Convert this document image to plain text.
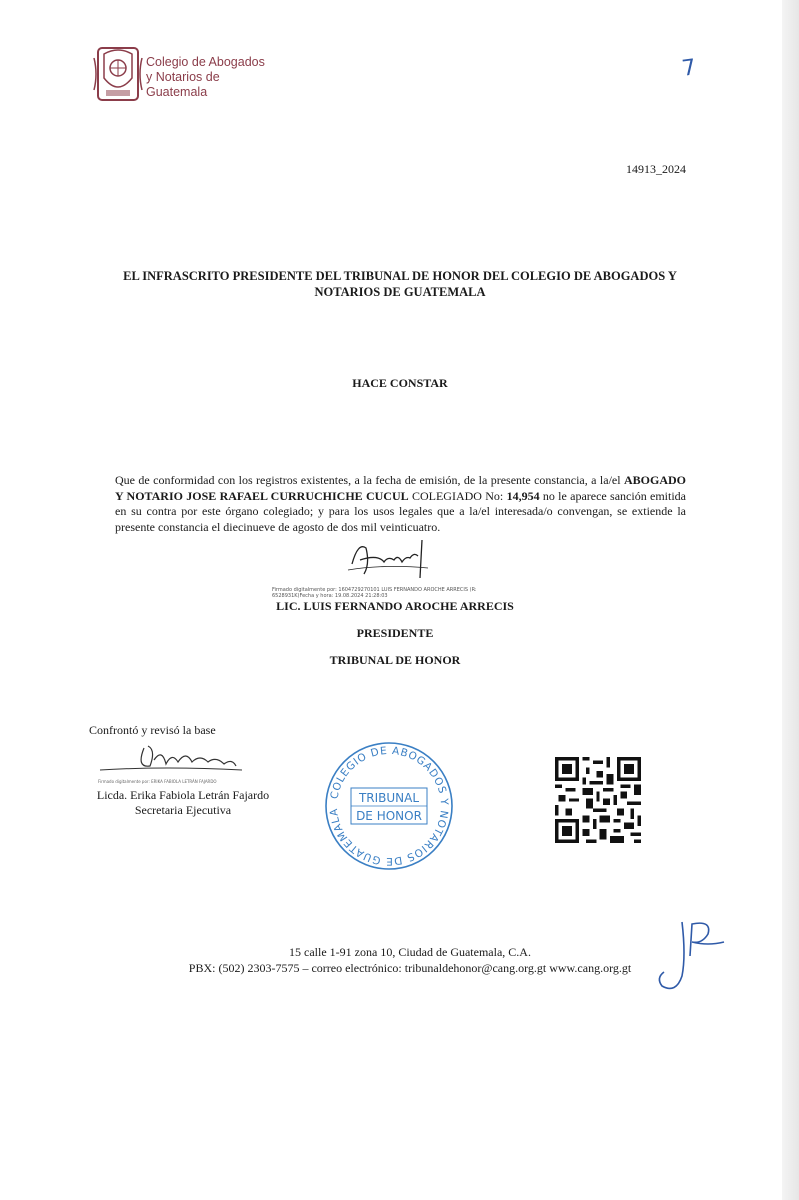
Colegio de Abogados
y Notarios de
Guatemala
7
14913_2024
EL INFRASCRITO PRESIDENTE DEL TRIBUNAL DE HONOR DEL COLEGIO DE ABOGADOS Y
NOTARIOS DE GUATEMALA
HACE CONSTAR
Que de conformidad con los registros existentes, a la fecha de emisión, de la presente constancia, a la/el ABOGADO Y NOTARIO JOSE RAFAEL CURRUCHICHE CUCUL COLEGIADO No: 14,954 no le aparece sanción emitida en su contra por este órgano colegiado; y para los usos legales que a la/el interesada/o convengan, se extiende la presente constancia el diecinueve de agosto de dos mil veinticuatro.
Firmado digitalmente por: 1604729270101 LUIS FERNANDO AROCHE ARRECIS (R: 6528931K)Fecha y hora: 19.08.2024 21:28:03
LIC. LUIS FERNANDO AROCHE ARRECIS
PRESIDENTE
TRIBUNAL DE HONOR
Confrontó y revisó la base
Firmado digitalmente por: ERIKA FABIOLA LETRÁN FAJARDO
Licda. Erika Fabiola Letrán Fajardo
Secretaria Ejecutiva
COLEGIO DE ABOGADOS Y NOTARIOS DE GUATEMALA
TRIBUNAL
DE HONOR
15 calle 1-91 zona 10, Ciudad de Guatemala, C.A.
PBX: (502) 2303-7575 – correo electrónico: tribunaldehonor@cang.org.gt www.cang.org.gt
